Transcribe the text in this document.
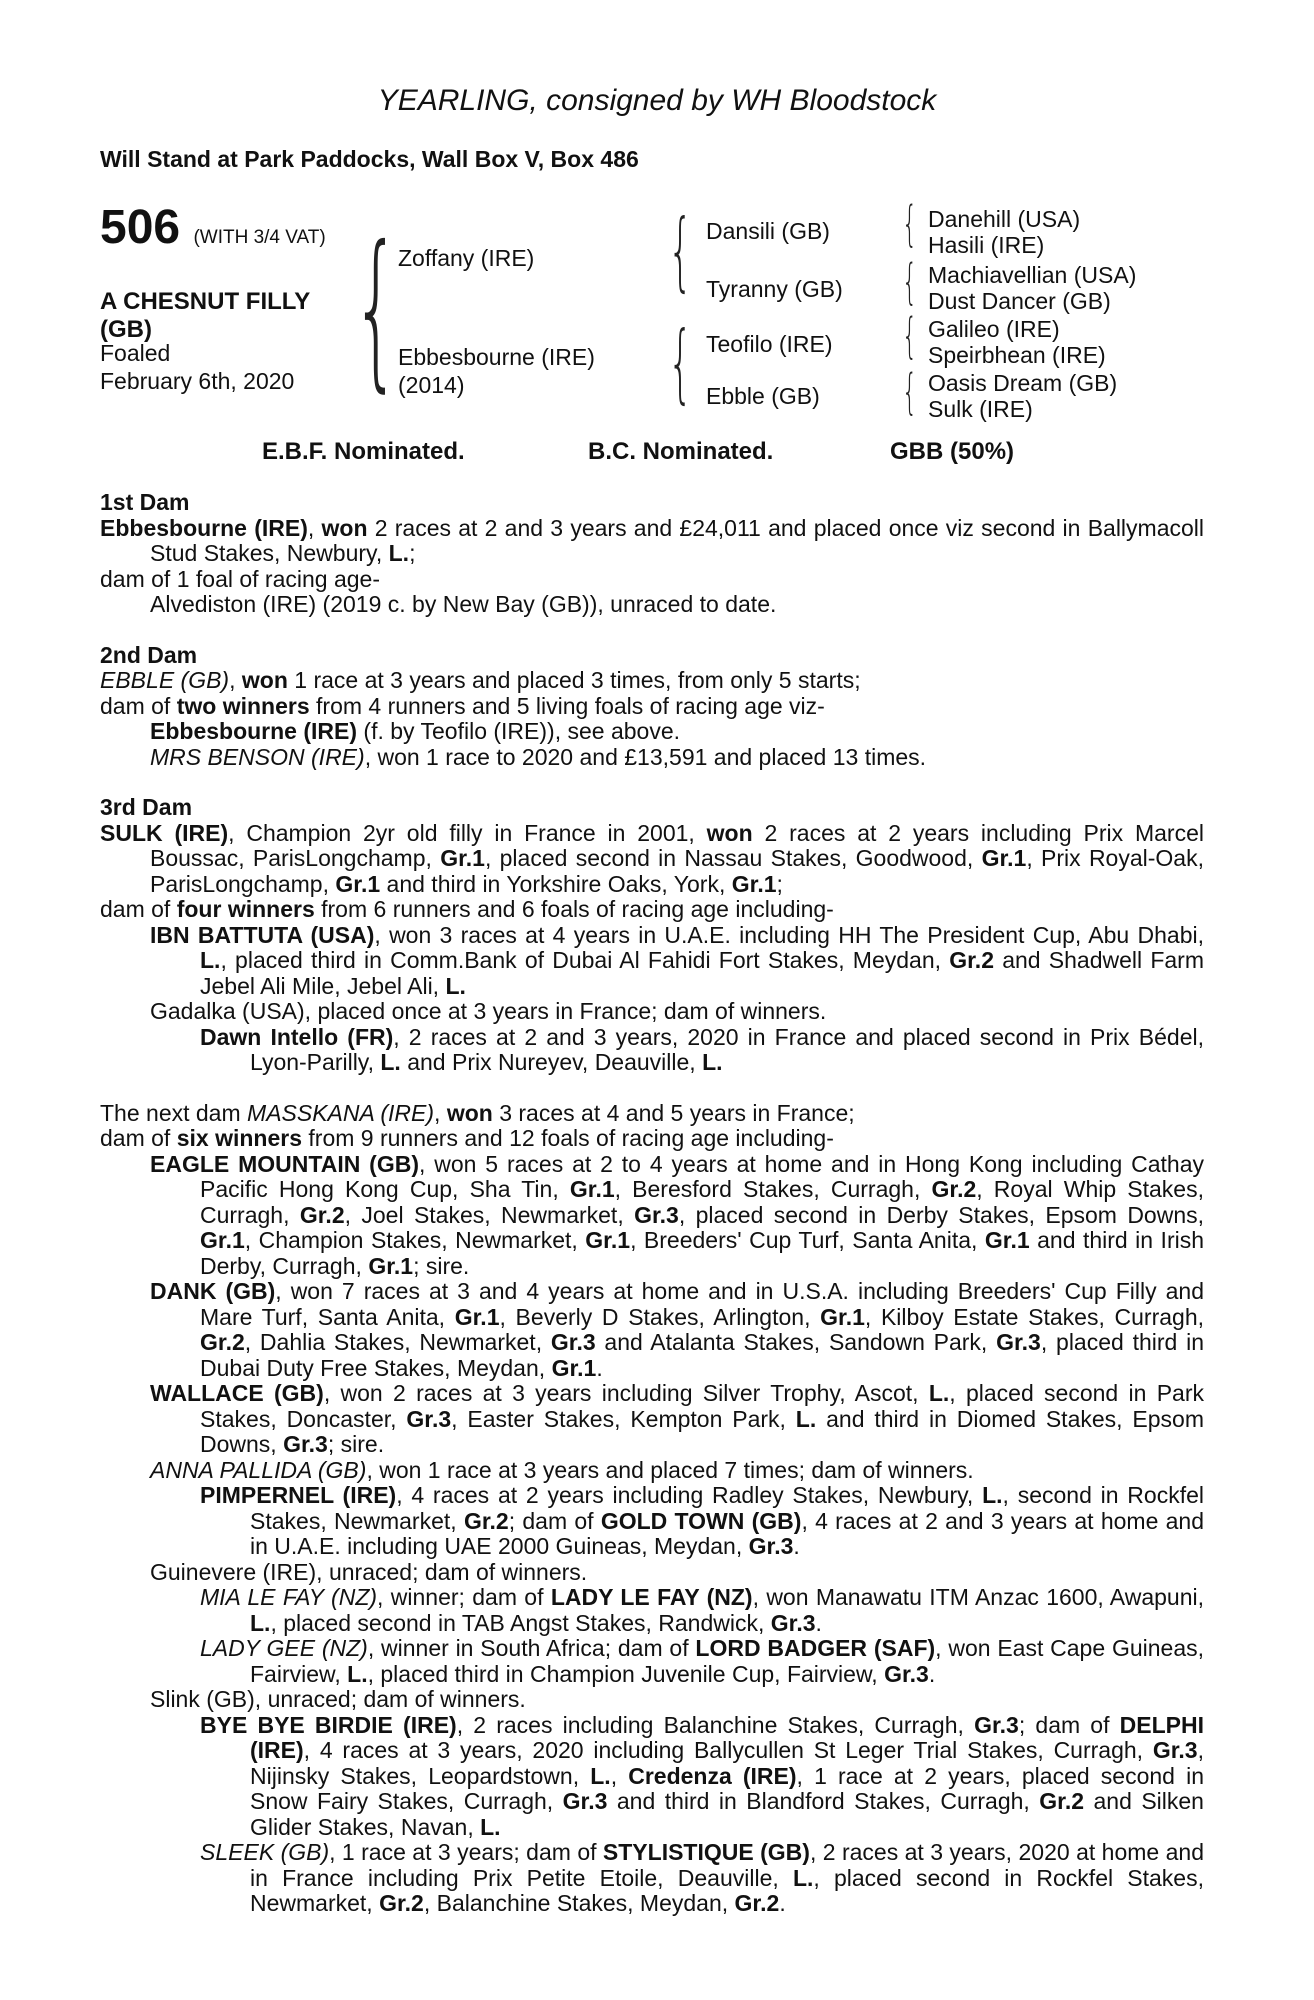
YEARLING, consigned by WH Bloodstock
Will Stand at Park Paddocks, Wall Box V, Box 486
506 (WITH 3/4 VAT)
A CHESNUT FILLY
(GB)
Foaled
February 6th, 2020 {	{
{
{
{
{
{
Zoffany (IRE)
Ebbesbourne (IRE)
(2014)
Dansili (GB)
Tyranny (GB)
Teofilo (IRE)
Ebble (GB)
Danehill (USA)
Hasili (IRE)
Machiavellian (USA)
Dust Dancer (GB)
Galileo (IRE)
Speirbhean (IRE)
Oasis Dream (GB)
Sulk (IRE)
E.B.F. Nominated.	B.C. Nominated.	GBB (50%)

1st Dam

Ebbesbourne (IRE), won 2 races at 2 and 3 years and £24,011 and placed once viz second in Ballymacoll Stud Stakes, Newbury, L.;

dam of 1 foal of racing age-

Alvediston (IRE) (2019 c. by New Bay (GB)), unraced to date.

2nd Dam

EBBLE (GB), won 1 race at 3 years and placed 3 times, from only 5 starts;

dam of two winners from 4 runners and 5 living foals of racing age viz-

Ebbesbourne (IRE) (f. by Teofilo (IRE)), see above.

MRS BENSON (IRE), won 1 race to 2020 and £13,591 and placed 13 times.

3rd Dam

SULK (IRE), Champion 2yr old filly in France in 2001, won 2 races at 2 years including Prix Marcel Boussac, ParisLongchamp, Gr.1, placed second in Nassau Stakes, Goodwood, Gr.1, Prix Royal-Oak, ParisLongchamp, Gr.1 and third in Yorkshire Oaks, York, Gr.1;

dam of four winners from 6 runners and 6 foals of racing age including-

IBN BATTUTA (USA), won 3 races at 4 years in U.A.E. including HH The President Cup, Abu Dhabi, L., placed third in Comm.Bank of Dubai Al Fahidi Fort Stakes, Meydan, Gr.2 and Shadwell Farm Jebel Ali Mile, Jebel Ali, L.

Gadalka (USA), placed once at 3 years in France; dam of winners.

Dawn Intello (FR), 2 races at 2 and 3 years, 2020 in France and placed second in Prix Bédel, Lyon-Parilly, L. and Prix Nureyev, Deauville, L.

The next dam MASSKANA (IRE), won 3 races at 4 and 5 years in France;

dam of six winners from 9 runners and 12 foals of racing age including-

EAGLE MOUNTAIN (GB), won 5 races at 2 to 4 years at home and in Hong Kong including Cathay Pacific Hong Kong Cup, Sha Tin, Gr.1, Beresford Stakes, Curragh, Gr.2, Royal Whip Stakes, Curragh, Gr.2, Joel Stakes, Newmarket, Gr.3, placed second in Derby Stakes, Epsom Downs, Gr.1, Champion Stakes, Newmarket, Gr.1, Breeders' Cup Turf, Santa Anita, Gr.1 and third in Irish Derby, Curragh, Gr.1; sire.

DANK (GB), won 7 races at 3 and 4 years at home and in U.S.A. including Breeders' Cup Filly and Mare Turf, Santa Anita, Gr.1, Beverly D Stakes, Arlington, Gr.1, Kilboy Estate Stakes, Curragh, Gr.2, Dahlia Stakes, Newmarket, Gr.3 and Atalanta Stakes, Sandown Park, Gr.3, placed third in Dubai Duty Free Stakes, Meydan, Gr.1.

WALLACE (GB), won 2 races at 3 years including Silver Trophy, Ascot, L., placed second in Park Stakes, Doncaster, Gr.3, Easter Stakes, Kempton Park, L. and third in Diomed Stakes, Epsom Downs, Gr.3; sire.

ANNA PALLIDA (GB), won 1 race at 3 years and placed 7 times; dam of winners.

PIMPERNEL (IRE), 4 races at 2 years including Radley Stakes, Newbury, L., second in Rockfel Stakes, Newmarket, Gr.2; dam of GOLD TOWN (GB), 4 races at 2 and 3 years at home and in U.A.E. including UAE 2000 Guineas, Meydan, Gr.3.

Guinevere (IRE), unraced; dam of winners.

MIA LE FAY (NZ), winner; dam of LADY LE FAY (NZ), won Manawatu ITM Anzac 1600, Awapuni, L., placed second in TAB Angst Stakes, Randwick, Gr.3.

LADY GEE (NZ), winner in South Africa; dam of LORD BADGER (SAF), won East Cape Guineas, Fairview, L., placed third in Champion Juvenile Cup, Fairview, Gr.3.

Slink (GB), unraced; dam of winners.

BYE BYE BIRDIE (IRE), 2 races including Balanchine Stakes, Curragh, Gr.3; dam of DELPHI (IRE), 4 races at 3 years, 2020 including Ballycullen St Leger Trial Stakes, Curragh, Gr.3, Nijinsky Stakes, Leopardstown, L., Credenza (IRE), 1 race at 2 years, placed second in Snow Fairy Stakes, Curragh, Gr.3 and third in Blandford Stakes, Curragh, Gr.2 and Silken Glider Stakes, Navan, L.

SLEEK (GB), 1 race at 3 years; dam of STYLISTIQUE (GB), 2 races at 3 years, 2020 at home and in France including Prix Petite Etoile, Deauville, L., placed second in Rockfel Stakes, Newmarket, Gr.2, Balanchine Stakes, Meydan, Gr.2.
